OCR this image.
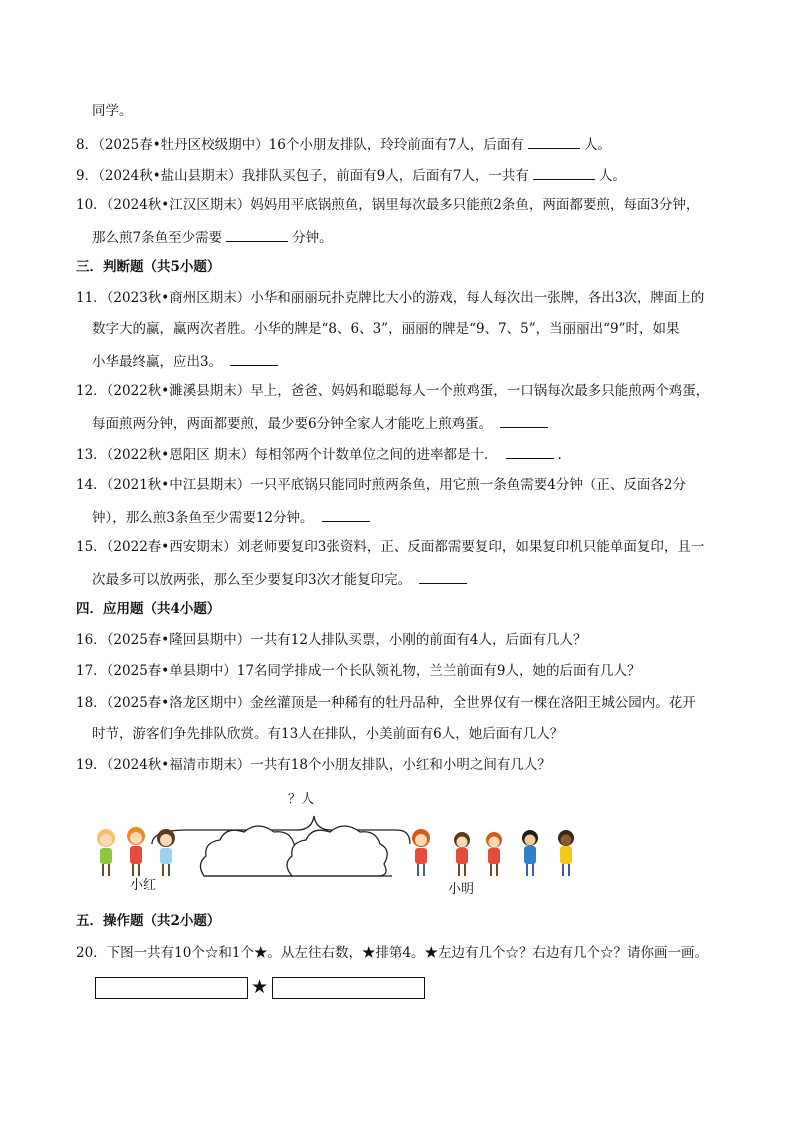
同学。
8．（2025春•牡丹区校级期中）16个小朋友排队，玲玲前面有7人，后面有	人。
9．（2024秋•盐山县期末）我排队买包子，前面有9人，后面有7人，一共有	人。
10．（2024秋•江汉区期末）妈妈用平底锅煎鱼，锅里每次最多只能煎2条鱼，两面都要煎，每面3分钟，
那么煎7条鱼至少需要	分钟。
三．判断题（共5小题）
11．（2023秋•商州区期末）小华和丽丽玩扑克牌比大小的游戏，每人每次出一张牌，各出3次，牌面上的
数字大的赢，赢两次者胜。小华的牌是“8、6、3”，丽丽的牌是“9、7、5”，当丽丽出“9”时，如果
小华最终赢，应出3。
12．（2022秋•濉溪县期末）早上，爸爸、妈妈和聪聪每人一个煎鸡蛋，一口锅每次最多只能煎两个鸡蛋，
每面煎两分钟，两面都要煎，最少要6分钟全家人才能吃上煎鸡蛋。
13．（2022秋•恩阳区 期末）每相邻两个计数单位之间的进率都是十．	.
14．（2021秋•中江县期末）一只平底锅只能同时煎两条鱼，用它煎一条鱼需要4分钟（正、反面各2分
钟），那么煎3条鱼至少需要12分钟。
15．（2022春•西安期末）刘老师要复印3张资料，正、反面都需要复印，如果复印机只能单面复印，且一
次最多可以放两张，那么至少要复印3次才能复印完。
四．应用题（共4小题）
16．（2025春•隆回县期中）一共有12人排队买票，小刚的前面有4人，后面有几人？
17．（2025春•单县期中）17名同学排成一个长队领礼物，兰兰前面有9人，她的后面有几人？
18．（2025春•洛龙区期中）金丝灌顶是一种稀有的牡丹品种，全世界仅有一棵在洛阳王城公园内。花开
时节，游客们争先排队欣赏。有13人在排队，小美前面有6人，她后面有几人？
19．（2024秋•福清市期末）一共有18个小朋友排队，小红和小明之间有几人？
？人
小红	小明
五．操作题（共2小题）
20．下图一共有10个☆和1个★。从左往右数，★排第4。★左边有几个☆？右边有几个☆？请你画一画。
★
